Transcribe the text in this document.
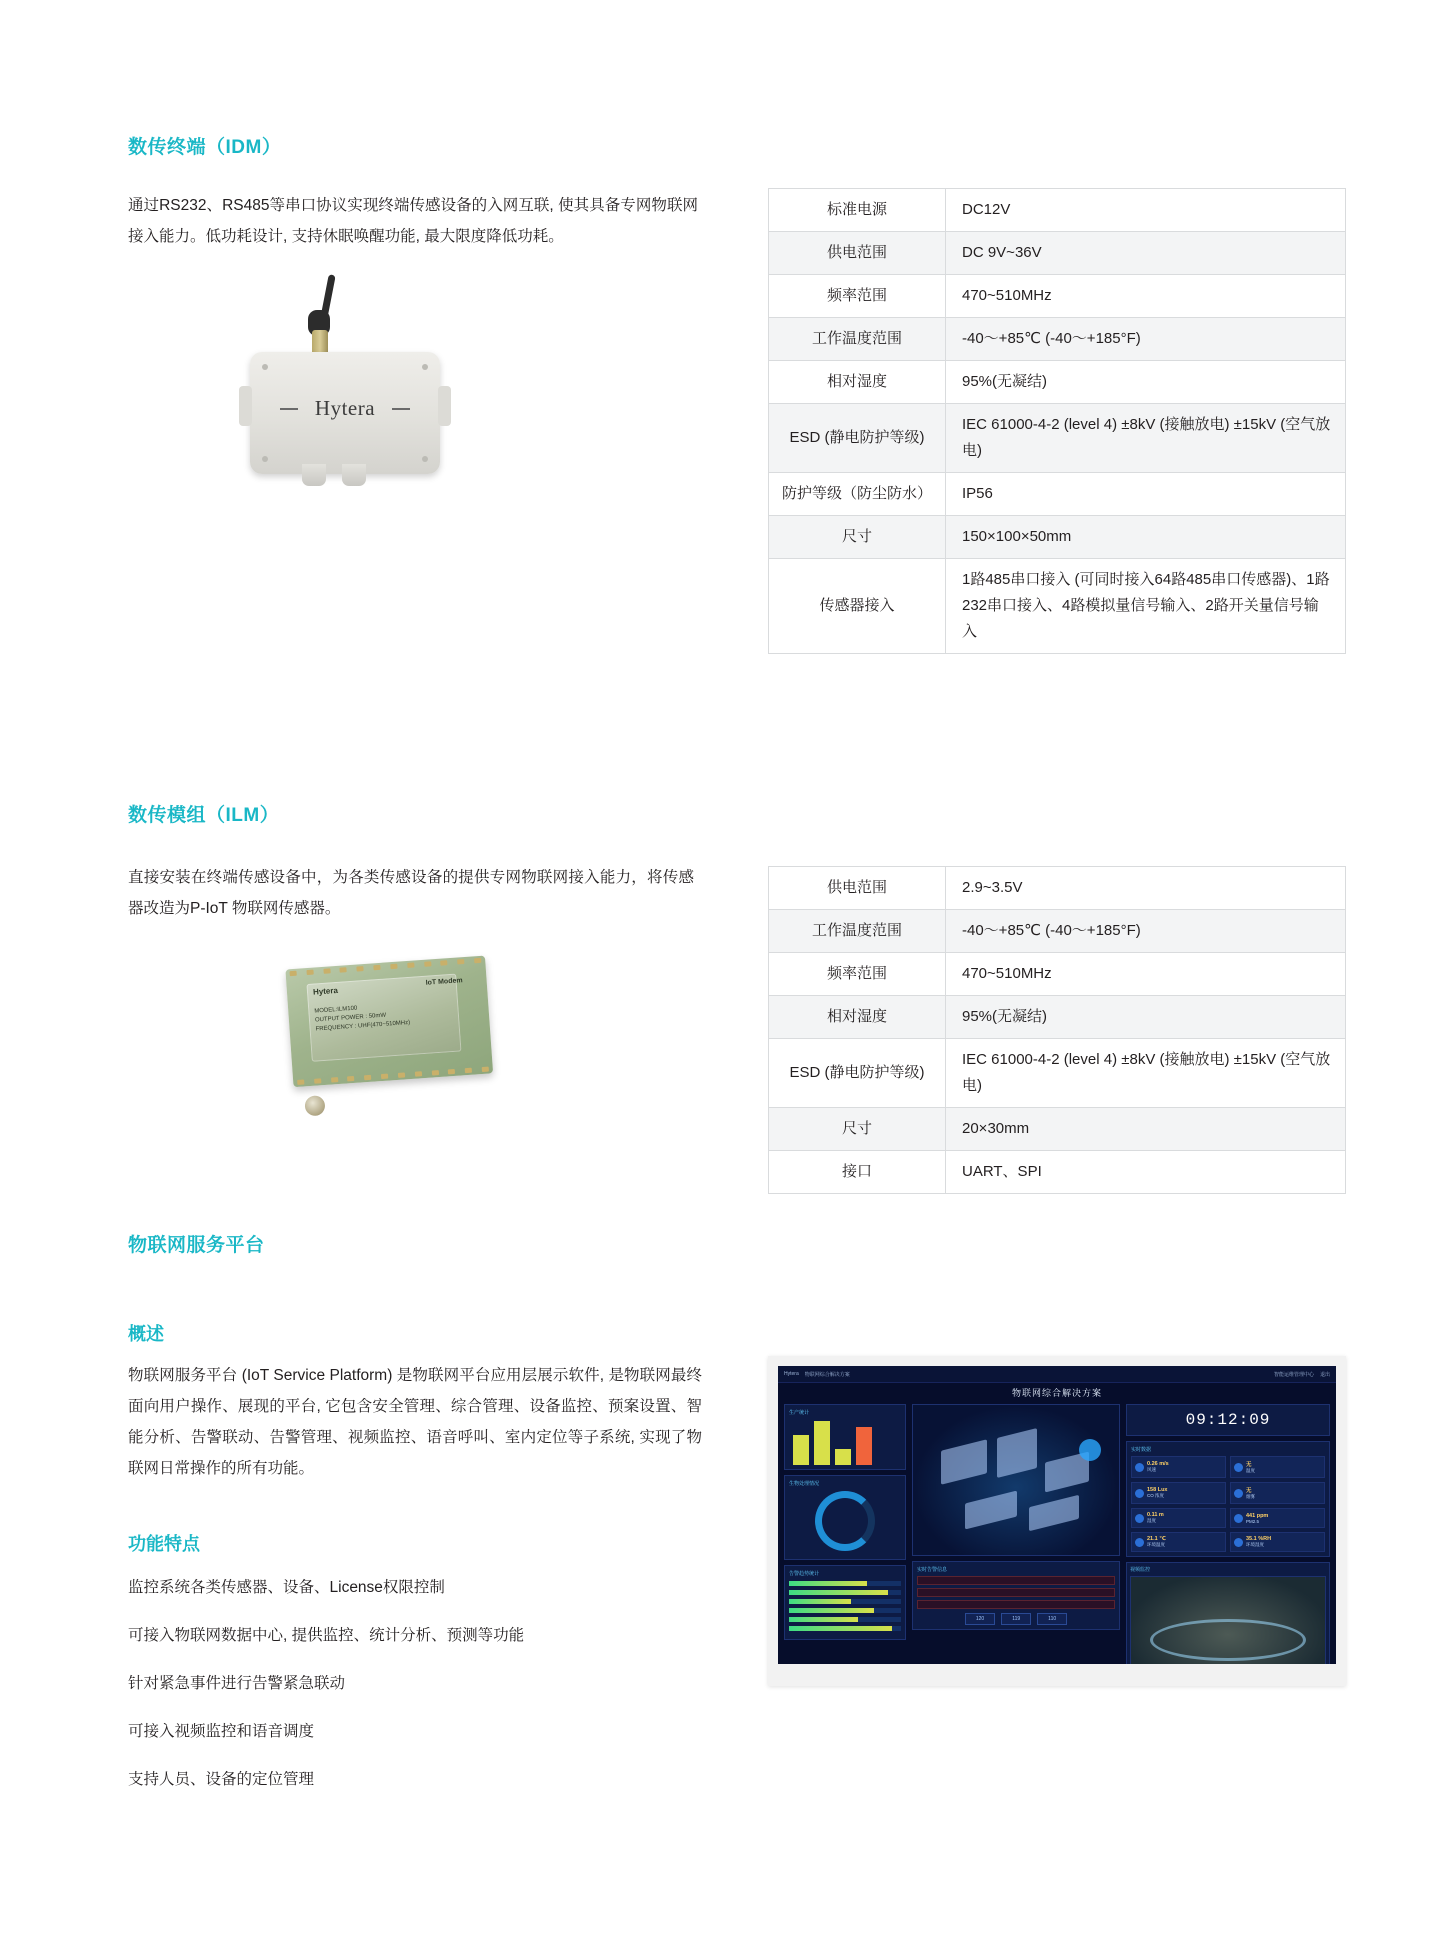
数传终端（IDM）
通过RS232、RS485等串口协议实现终端传感设备的入网互联, 使其具备专网物联网接入能力。低功耗设计, 支持休眠唤醒功能, 最大限度降低功耗。
Hytera
标准电源	DC12V
供电范围	DC 9V~36V
频率范围	470~510MHz
工作温度范围	-40〜+85℃ (-40〜+185°F)
相对湿度	95%(无凝结)
ESD (静电防护等级)	IEC 61000-4-2 (level 4) ±8kV (接触放电) ±15kV (空气放电)
防护等级（防尘防水）	IP56
尺寸	150×100×50mm
传感器接入	1路485串口接入 (可同时接入64路485串口传感器)、1路232串口接入、4路模拟量信号输入、2路开关量信号输入
数传模组（ILM）
直接安装在终端传感设备中，为各类传感设备的提供专网物联网接入能力，将传感器改造为P-IoT 物联网传感器。
Hytera
IoT Modem
MODEL:ILM100
OUTPUT POWER : 50mW
FREQUENCY : UHF(470~510MHz)
供电范围	2.9~3.5V
工作温度范围	-40〜+85℃ (-40〜+185°F)
频率范围	470~510MHz
相对湿度	95%(无凝结)
ESD (静电防护等级)	IEC 61000-4-2 (level 4) ±8kV (接触放电) ±15kV (空气放电)
尺寸	20×30mm
接口	UART、SPI
物联网服务平台
概述
物联网服务平台 (IoT Service Platform) 是物联网平台应用层展示软件, 是物联网最终面向用户操作、展现的平台, 它包含安全管理、综合管理、设备监控、预案设置、智能分析、告警联动、告警管理、视频监控、语音呼叫、室内定位等子系统, 实现了物联网日常操作的所有功能。
功能特点
监控系统各类传感器、设备、License权限控制
可接入物联网数据中心, 提供监控、统计分析、预测等功能
针对紧急事件进行告警紧急联动
可接入视频监控和语音调度
支持人员、设备的定位管理
Hytera 物联网综合解决方案	智能运维管理中心 退出
物联网综合解决方案
生产统计
生物处理情况
告警趋势统计
实时告警信息

120	119	110
09:12:09
实时数据
0.26 m/s
风速
无
温度
158 Lux
CO 浓度
无
烟雾
0.11 m
湿度
441 ppm
PM2.5
21.1 ℃
环境温度
35.1 %RH
环境湿度
视频监控
